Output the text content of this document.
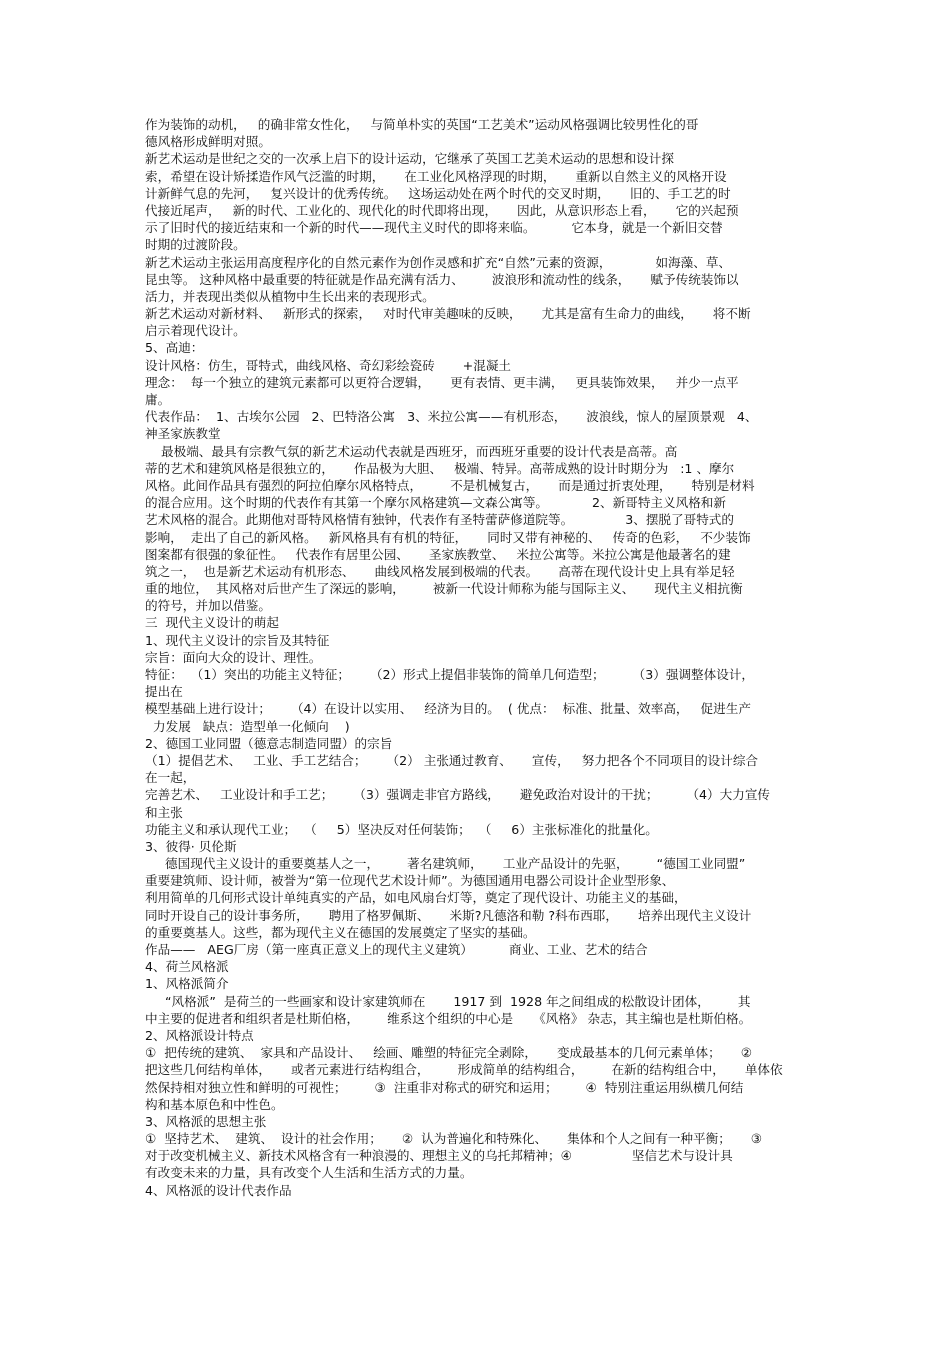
作为装饰的动机，   的确非常女性化，   与简单朴实的英国“工艺美术”运动风格强调比较男性化的哥
德风格形成鲜明对照。
新艺术运动是世纪之交的一次承上启下的设计运动，它继承了英国工艺美术运动的思想和设计探
索，希望在设计矫揉造作风气泛滥的时期，     在工业化风格浮现的时期，     重新以自然主义的风格开设
计新鲜气息的先河，   复兴设计的优秀传统。   这场运动处在两个时代的交叉时期，     旧的、手工艺的时
代接近尾声，   新的时代、工业化的、现代化的时代即将出现，     因此，从意识形态上看，     它的兴起预
示了旧时代的接近结束和一个新的时代——现代主义时代的即将来临。         它本身，就是一个新旧交替
时期的过渡阶段。
新艺术运动主张运用高度程序化的自然元素作为创作灵感和扩充“自然”元素的资源，           如海藻、草、
昆虫等。 这种风格中最重要的特征就是作品充满有活力、       波浪形和流动性的线条，     赋予传统装饰以
活力，并表现出类似从植物中生长出来的表现形式。
新艺术运动对新材料、   新形式的探索，   对时代审美趣味的反映，     尤其是富有生命力的曲线，     将不断
启示着现代设计。
5、高迪：
设计风格：仿生，哥特式，曲线风格、奇幻彩绘瓷砖       +混凝土
理念：  每一个独立的建筑元素都可以更符合逻辑，     更有表情、更丰满，   更具装饰效果，   并少一点平
庸。
代表作品：  1、古埃尔公园   2、巴特洛公寓   3、米拉公寓——有机形态，     波浪线，惊人的屋顶景观   4、
神圣家族教堂
最极端、最具有宗教气氛的新艺术运动代表就是西班牙，而西班牙重要的设计代表是高蒂。高
蒂的艺术和建筑风格是很独立的，     作品极为大胆、   极端、特异。高蒂成熟的设计时期分为   :1 、摩尔
风格。此间作品具有强烈的阿拉伯摩尔风格特点，       不是机械复古，     而是通过折衷处理，     特别是材料
的混合应用。这个时期的代表作有其第一个摩尔风格建筑—文森公寓等。           2、新哥特主义风格和新
艺术风格的混合。此期他对哥特风格情有独钟，代表作有圣特蕾萨修道院等。             3、摆脱了哥特式的
影响，  走出了自己的新风格。   新风格具有有机的特征，     同时又带有神秘的、   传奇的色彩，   不少装饰
图案都有很强的象征性。   代表作有居里公园、     圣家族教堂、   米拉公寓等。米拉公寓是他最著名的建
筑之一，  也是新艺术运动有机形态、     曲线风格发展到极端的代表。     高蒂在现代设计史上具有举足轻
重的地位，  其风格对后世产生了深远的影响，       被新一代设计师称为能与国际主义、     现代主义相抗衡
的符号，并加以借鉴。
三  现代主义设计的萌起
1、现代主义设计的宗旨及其特征
宗旨：面向大众的设计、理性。
特征：  （1）突出的功能主义特征；     （2）形式上提倡非装饰的简单几何造型；       （3）强调整体设计，
提出在
模型基础上进行设计；     （4）在设计以实用、   经济为目的。  ( 优点：  标准、批量、效率高，   促进生产
力发展   缺点：造型单一化倾向    )
2、德国工业同盟（德意志制造同盟）的宗旨
（1）提倡艺术、   工业、手工艺结合；     （2） 主张通过教育、     宣传，   努力把各个不同项目的设计综合
在一起，
完善艺术、   工业设计和手工艺；     （3）强调走非官方路线，     避免政治对设计的干扰；       （4）大力宣传
和主张
功能主义和承认现代工业；  （     5）坚决反对任何装饰；  （     6）主张标准化的批量化。
3、彼得· 贝伦斯
德国现代主义设计的重要奠基人之一，       著名建筑师，     工业产品设计的先驱，       “德国工业同盟”
重要建筑师、设计师，被誉为“第一位现代艺术设计师”。为德国通用电器公司设计企业型形象、
利用简单的几何形式设计单纯真实的产品，如电风扇台灯等，奠定了现代设计、功能主义的基础，
同时开设自己的设计事务所，     聘用了格罗佩斯、     米斯?凡德洛和勒 ?科布西耶，     培养出现代主义设计
的重要奠基人。这些，都为现代主义在德国的发展奠定了坚实的基础。
作品——   AEG厂房（第一座真正意义上的现代主义建筑）         商业、工业、艺术的结合
4、荷兰风格派
1、风格派简介
“风格派”  是荷兰的一些画家和设计家建筑师在       1917 到  1928 年之间组成的松散设计团体，       其
中主要的促进者和组织者是杜斯伯格，       维系这个组织的中心是     《风格》 杂志，其主编也是杜斯伯格。
2、风格派设计特点
①  把传统的建筑、  家具和产品设计、   绘画、雕塑的特征完全剥除，     变成最基本的几何元素单体；     ②
把这些几何结构单体，     或者元素进行结构组合，       形成简单的结构组合，       在新的结构组合中，     单体依
然保持相对独立性和鲜明的可视性；       ③  注重非对称式的研究和运用；       ④  特别注重运用纵横几何结
构和基本原色和中性色。
3、风格派的思想主张
①  坚持艺术、  建筑、  设计的社会作用；     ②  认为普遍化和特殊化、     集体和个人之间有一种平衡；     ③
对于改变机械主义、新技术风格含有一种浪漫的、理想主义的乌托邦精神；④               坚信艺术与设计具
有改变未来的力量，具有改变个人生活和生活方式的力量。
4、风格派的设计代表作品
